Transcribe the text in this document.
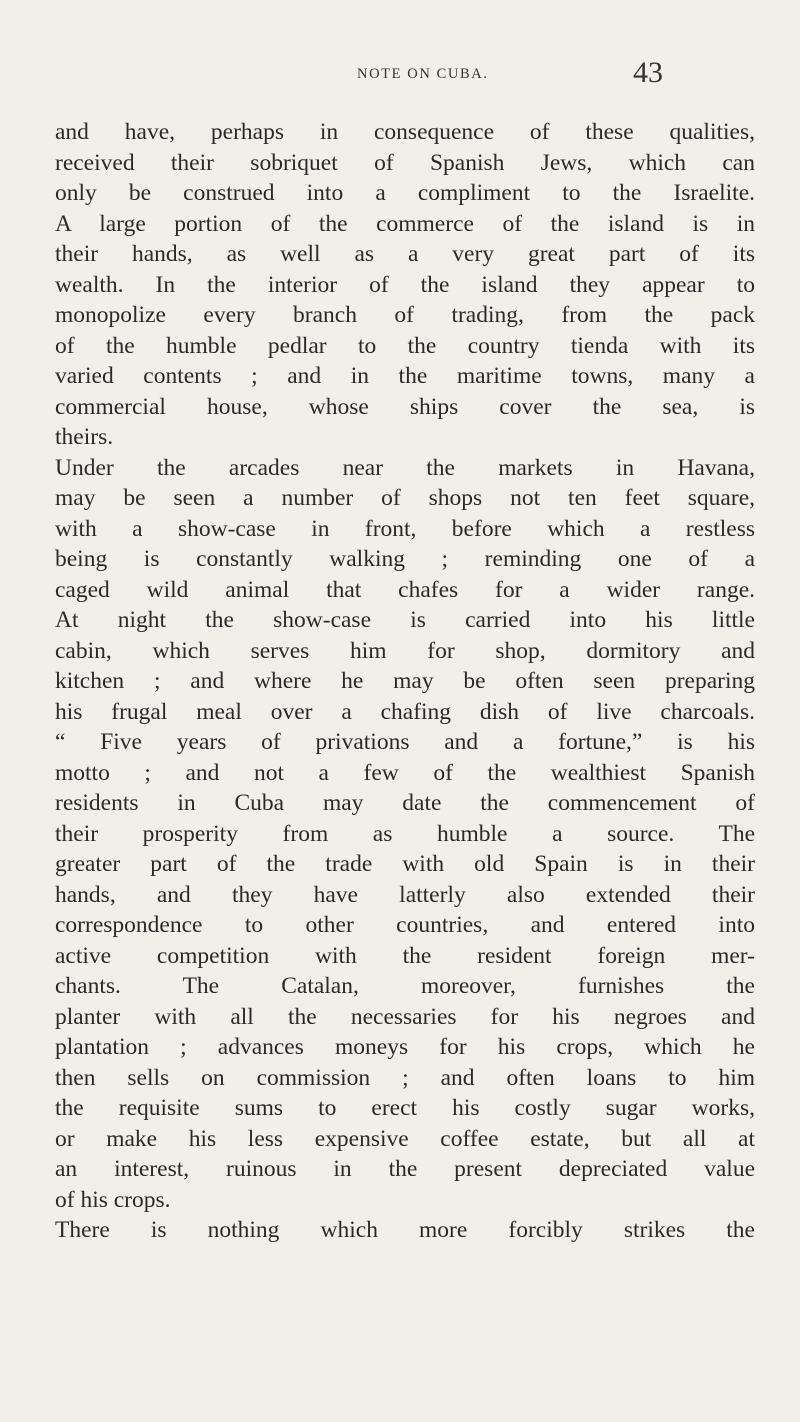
NOTE ON CUBA.	43
and have, perhaps in consequence of these qualities,
received their sobriquet of Spanish Jews, which can
only be construed into a compliment to the Israelite.
A large portion of the commerce of the island is in
their hands, as well as a very great part of its
wealth. In the interior of the island they appear to
monopolize every branch of trading, from the pack
of the humble pedlar to the country tienda with its
varied contents ; and in the maritime towns, many a
commercial house, whose ships cover the sea, is
theirs.
Under the arcades near the markets in Havana,
may be seen a number of shops not ten feet square,
with a show-case in front, before which a restless
being is constantly walking ; reminding one of a
caged wild animal that chafes for a wider range.
At night the show-case is carried into his little
cabin, which serves him for shop, dormitory and
kitchen ; and where he may be often seen preparing
his frugal meal over a chafing dish of live charcoals.
“ Five years of privations and a fortune,” is his
motto ; and not a few of the wealthiest Spanish
residents in Cuba may date the commencement of
their prosperity from as humble a source. The
greater part of the trade with old Spain is in their
hands, and they have latterly also extended their
correspondence to other countries, and entered into
active competition with the resident foreign mer-
chants. The Catalan, moreover, furnishes the
planter with all the necessaries for his negroes and
plantation ; advances moneys for his crops, which he
then sells on commission ; and often loans to him
the requisite sums to erect his costly sugar works,
or make his less expensive coffee estate, but all at
an interest, ruinous in the present depreciated value
of his crops.
There is nothing which more forcibly strikes the
